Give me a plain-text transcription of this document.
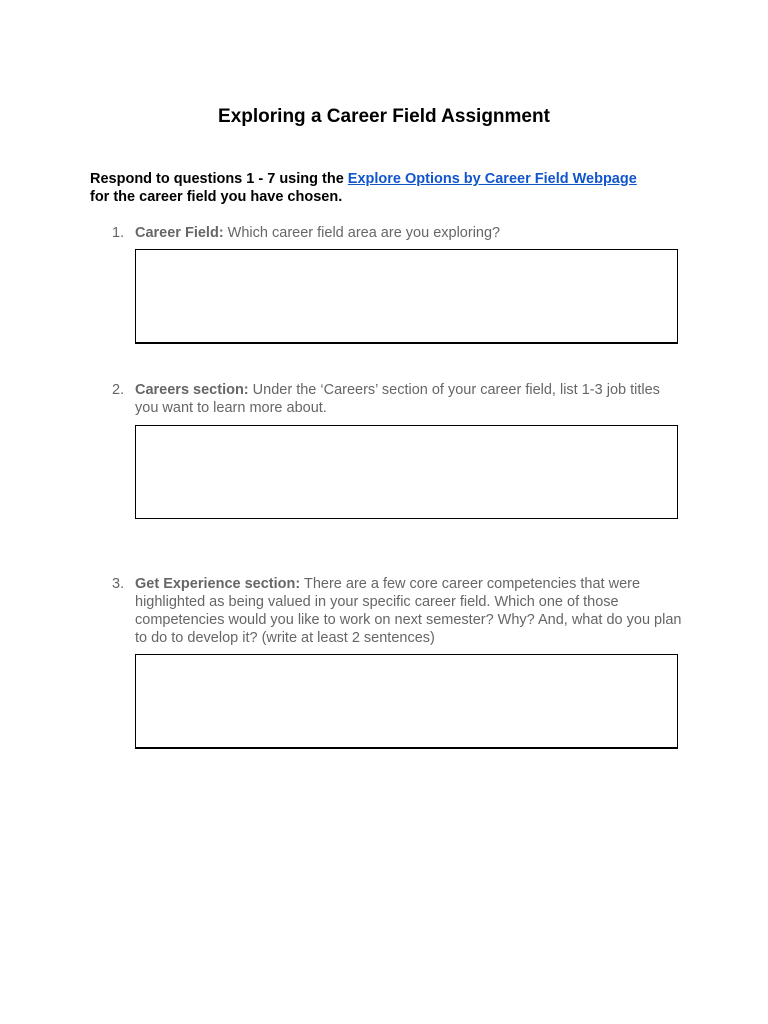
Exploring a Career Field Assignment
Respond to questions 1 - 7 using the Explore Options by Career Field Webpage
for the career field you have chosen.
1. Career Field: Which career field area are you exploring?
2. Careers section: Under the ‘Careers’ section of your career field, list 1-3 job titles you want to learn more about.
3. Get Experience section: There are a few core career competencies that were highlighted as being valued in your specific career field. Which one of those competencies would you like to work on next semester? Why? And, what do you plan to do to develop it? (write at least 2 sentences)
